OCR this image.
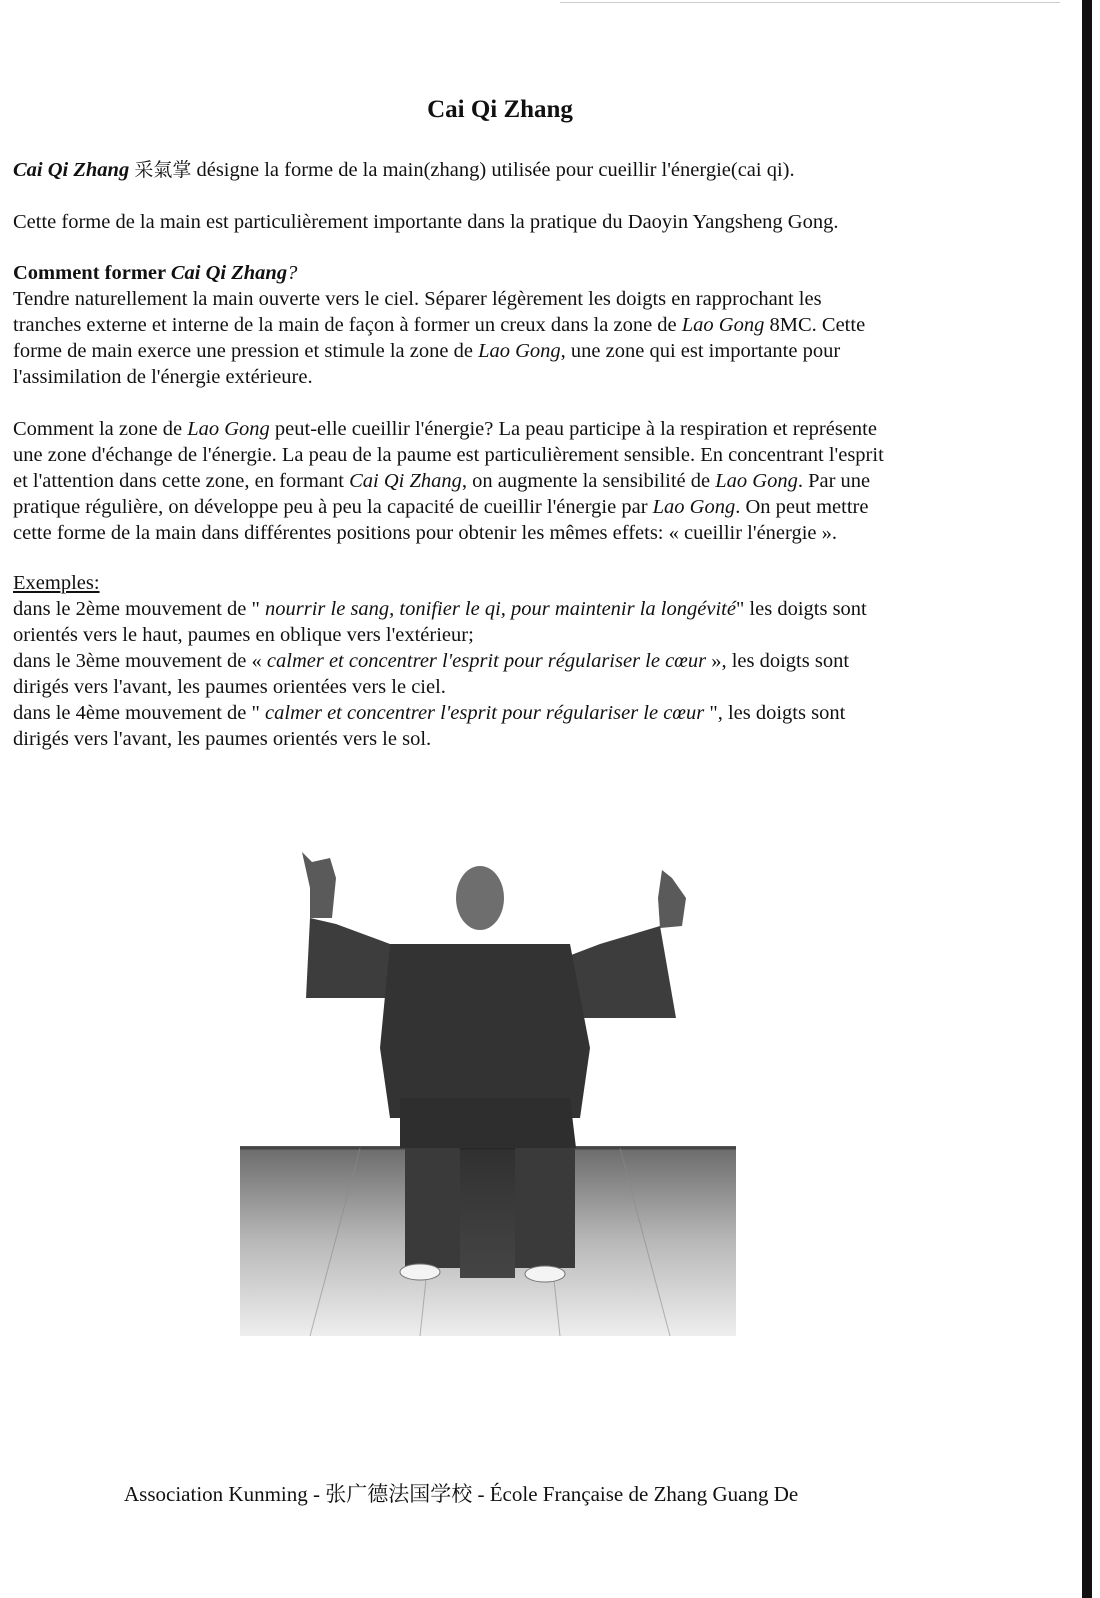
Cai Qi Zhang

Cai Qi Zhang 采氣掌 désigne la forme de la main(zhang) utilisée pour cueillir l'énergie(cai qi).

Cette forme de la main est particulièrement importante dans la pratique du Daoyin Yangsheng Gong.

Comment former Cai Qi Zhang?

Tendre naturellement la main ouverte vers le ciel. Séparer légèrement les doigts en rapprochant les

tranches externe et interne de la main de façon à former un creux dans la zone de Lao Gong 8MC. Cette

forme de main exerce une pression et stimule la zone de Lao Gong, une zone qui est importante pour

l'assimilation de l'énergie extérieure.

Comment la zone de Lao Gong peut-elle cueillir l'énergie? La peau participe à la respiration et représente

une zone d'échange de l'énergie. La peau de la paume est particulièrement sensible. En concentrant l'esprit

et l'attention dans cette zone, en formant Cai Qi Zhang, on augmente la sensibilité de Lao Gong. Par une

pratique régulière, on développe peu à peu la capacité de cueillir l'énergie par Lao Gong. On peut mettre

cette forme de la main dans différentes positions pour obtenir les mêmes effets: « cueillir l'énergie ».

Exemples:

dans le 2ème mouvement de " nourrir le sang, tonifier le qi, pour maintenir la longévité" les doigts sont

orientés vers le haut, paumes en oblique vers l'extérieur;

dans le 3ème mouvement de « calmer et concentrer l'esprit pour régulariser le cœur », les doigts sont

dirigés vers l'avant, les paumes orientées vers le ciel.

dans le 4ème mouvement de " calmer et concentrer l'esprit pour régulariser le cœur ", les doigts sont

dirigés vers l'avant, les paumes orientés vers le sol.

Association Kunming - 张广德法国学校 - École Française de Zhang Guang De
